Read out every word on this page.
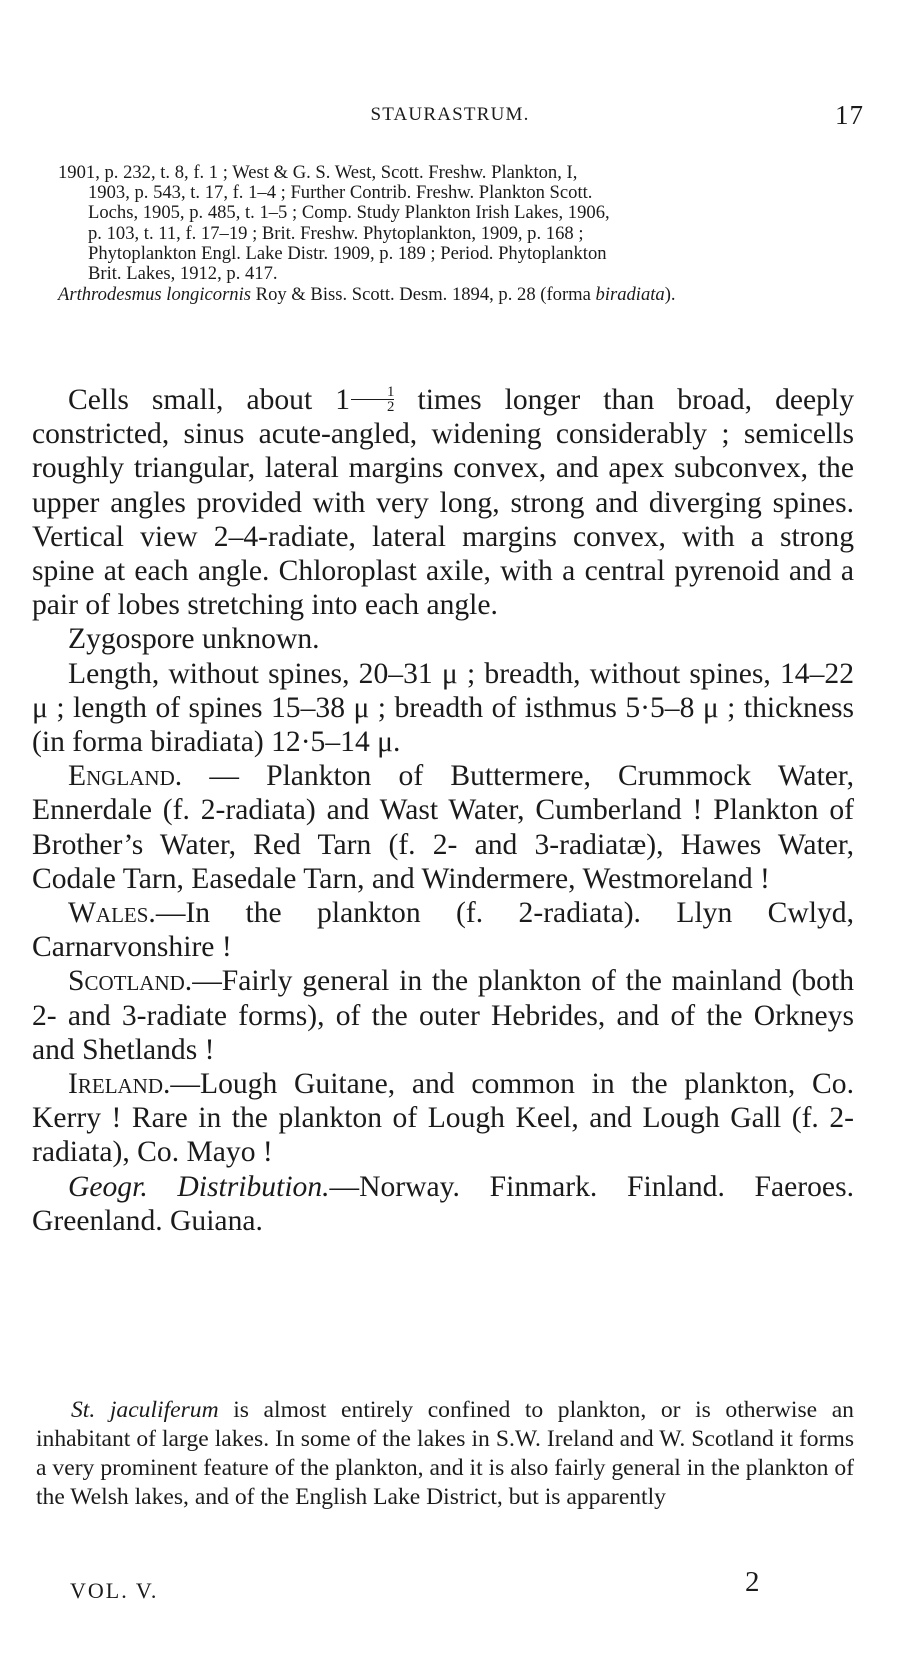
STAURASTRUM.	17

1901, p. 232, t. 8, f. 1 ; West & G. S. West, Scott. Freshw. Plankton, I,

1903, p. 543, t. 17, f. 1–4 ; Further Contrib. Freshw. Plankton Scott.

Lochs, 1905, p. 485, t. 1–5 ; Comp. Study Plankton Irish Lakes, 1906,

p. 103, t. 11, f. 17–19 ; Brit. Freshw. Phytoplankton, 1909, p. 168 ;

Phytoplankton Engl. Lake Distr. 1909, p. 189 ; Period. Phytoplankton

Brit. Lakes, 1912, p. 417.

Arthrodesmus longicornis Roy & Biss. Scott. Desm. 1894, p. 28 (forma biradiata).

Cells small, about $1 \frac{1}{2}$ times longer than broad, deeply constricted, sinus acute-angled, widening considerably ; semicells roughly triangular, lateral margins convex, and apex subconvex, the upper angles provided with very long, strong and diverging spines. Vertical view 2–4-radiate, lateral margins convex, with a strong spine at each angle. Chloroplast axile, with a central pyrenoid and a pair of lobes stretching into each angle.

Zygospore unknown.

Length, without spines, 20–31 μ ; breadth, without spines, 14–22 μ ; length of spines 15–38 μ ; breadth of isthmus 5·5–8 μ ; thickness (in forma biradiata) 12·5–14 μ.

England. — Plankton of Buttermere, Crummock Water, Ennerdale (f. 2-radiata) and Wast Water, Cumberland ! Plankton of Brother’s Water, Red Tarn (f. 2- and 3-radiatæ), Hawes Water, Codale Tarn, Easedale Tarn, and Windermere, Westmoreland !

Wales.—In the plankton (f. 2-radiata). Llyn Cwlyd, Carnarvonshire !

Scotland.—Fairly general in the plankton of the mainland (both 2- and 3-radiate forms), of the outer Hebrides, and of the Orkneys and Shetlands !

Ireland.—Lough Guitane, and common in the plankton, Co. Kerry ! Rare in the plankton of Lough Keel, and Lough Gall (f. 2-radiata), Co. Mayo !

Geogr. Distribution.—Norway. Finmark. Finland. Faeroes. Greenland. Guiana.

St. jaculiferum is almost entirely confined to plankton, or is otherwise an inhabitant of large lakes. In some of the lakes in S.W. Ireland and W. Scotland it forms a very prominent feature of the plankton, and it is also fairly general in the plankton of the Welsh lakes, and of the English Lake District, but is apparently

VOL. V.	2
